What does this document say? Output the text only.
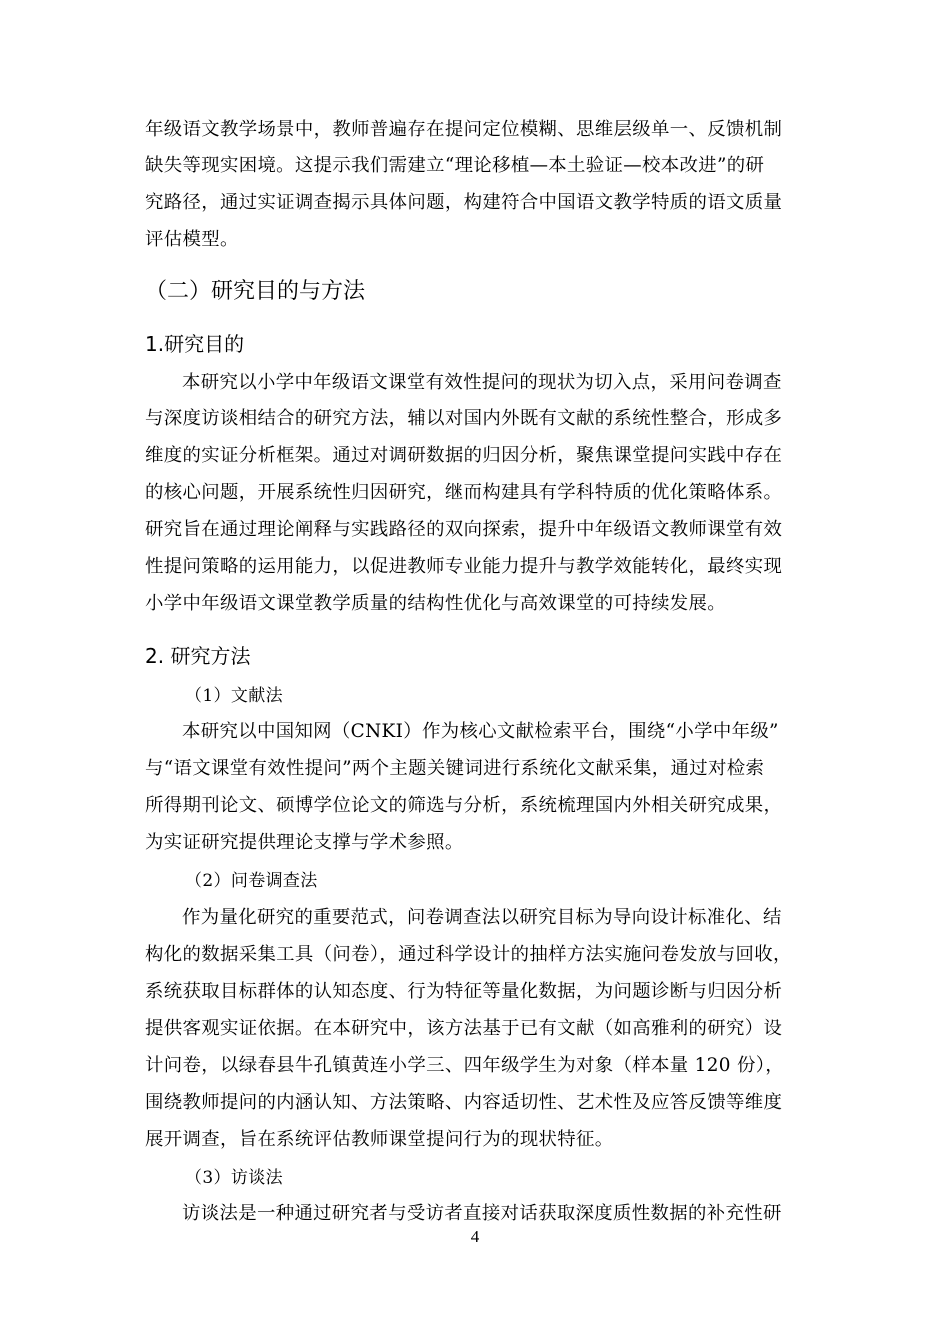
年级语文教学场景中，教师普遍存在提问定位模糊、思维层级单一、反馈机制
缺失等现实困境。这提示我们需建立“理论移植—本土验证—校本改进”的研
究路径，通过实证调查揭示具体问题，构建符合中国语文教学特质的语文质量
评估模型。
（二）研究目的与方法
1.研究目的
本研究以小学中年级语文课堂有效性提问的现状为切入点，采用问卷调查
与深度访谈相结合的研究方法，辅以对国内外既有文献的系统性整合，形成多
维度的实证分析框架。通过对调研数据的归因分析，聚焦课堂提问实践中存在
的核心问题，开展系统性归因研究，继而构建具有学科特质的优化策略体系。
研究旨在通过理论阐释与实践路径的双向探索，提升中年级语文教师课堂有效
性提问策略的运用能力，以促进教师专业能力提升与教学效能转化，最终实现
小学中年级语文课堂教学质量的结构性优化与高效课堂的可持续发展。
2. 研究方法
（1）文献法
本研究以中国知网（CNKI）作为核心文献检索平台，围绕“小学中年级”
与“语文课堂有效性提问”两个主题关键词进行系统化文献采集，通过对检索
所得期刊论文、硕博学位论文的筛选与分析，系统梳理国内外相关研究成果，
为实证研究提供理论支撑与学术参照。
（2）问卷调查法
作为量化研究的重要范式，问卷调查法以研究目标为导向设计标准化、结
构化的数据采集工具（问卷），通过科学设计的抽样方法实施问卷发放与回收，
系统获取目标群体的认知态度、行为特征等量化数据，为问题诊断与归因分析
提供客观实证依据。在本研究中，该方法基于已有文献（如高雅利的研究）设
计问卷，以绿春县牛孔镇黄连小学三、四年级学生为对象（样本量 120 份），
围绕教师提问的内涵认知、方法策略、内容适切性、艺术性及应答反馈等维度
展开调查，旨在系统评估教师课堂提问行为的现状特征。
（3）访谈法
访谈法是一种通过研究者与受访者直接对话获取深度质性数据的补充性研
4
